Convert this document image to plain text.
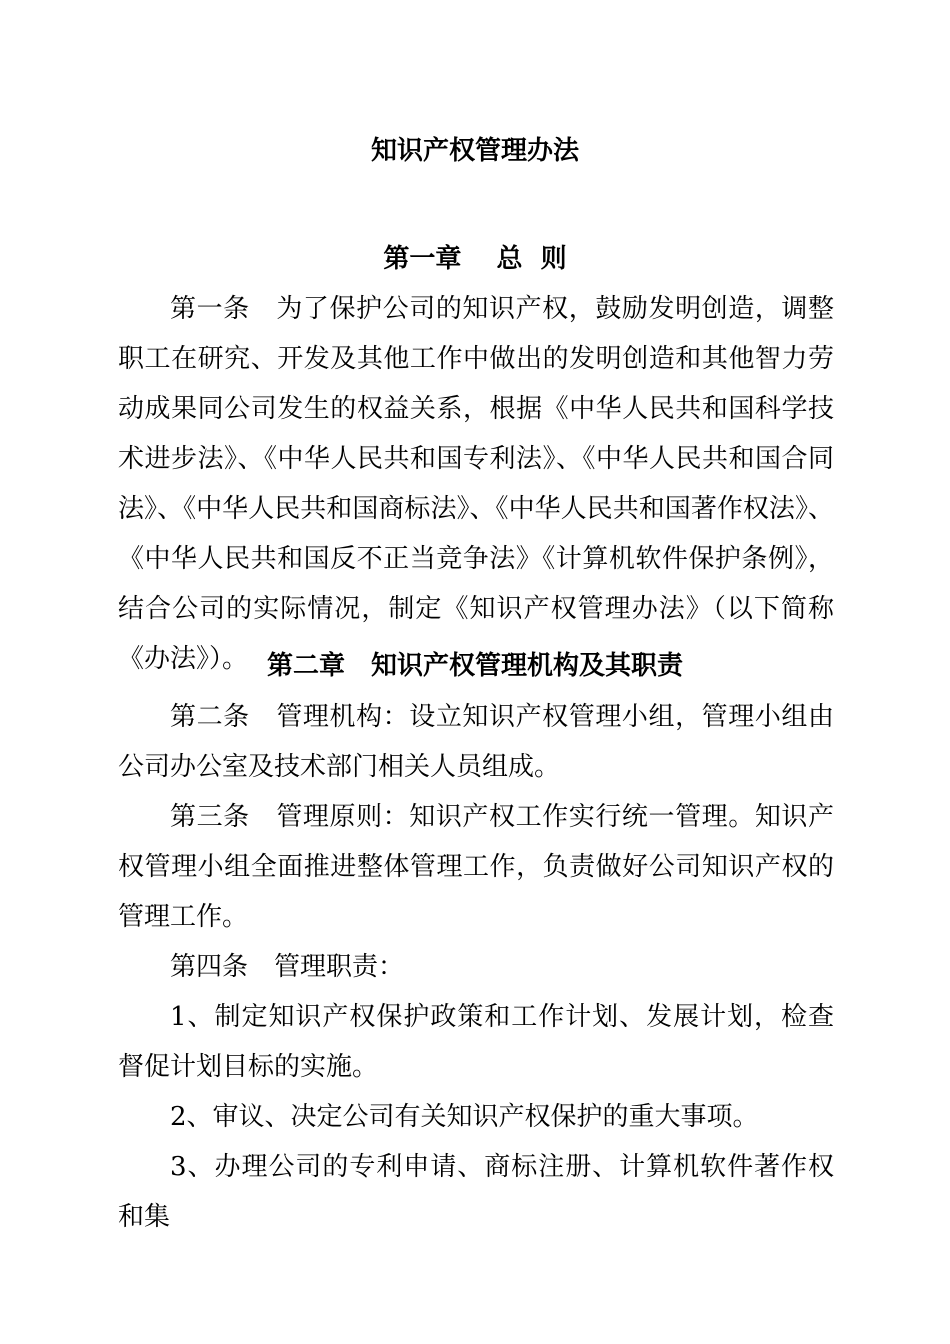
知识产权管理办法
第一章　 总  则

第一条　为了保护公司的知识产权，鼓励发明创造，调整职工在研究、开发及其他工作中做出的发明创造和其他智力劳动成果同公司发生的权益关系，根据《中华人民共和国科学技术进步法》、《中华人民共和国专利法》、《中华人民共和国合同法》、《中华人民共和国商标法》、《中华人民共和国著作权法》、《中华人民共和国反不正当竞争法》《计算机软件保护条例》，结合公司的实际情况，制定《知识产权管理办法》（以下简称《办法》）。 第二章　知识产权管理机构及其职责

第二条　管理机构：设立知识产权管理小组，管理小组由公司办公室及技术部门相关人员组成。

第三条　管理原则：知识产权工作实行统一管理。知识产权管理小组全面推进整体管理工作，负责做好公司知识产权的管理工作。

第四条　管理职责：

1、制定知识产权保护政策和工作计划、发展计划，检查督促计划目标的实施。

2、审议、决定公司有关知识产权保护的重大事项。

3、办理公司的专利申请、商标注册、计算机软件著作权和集
